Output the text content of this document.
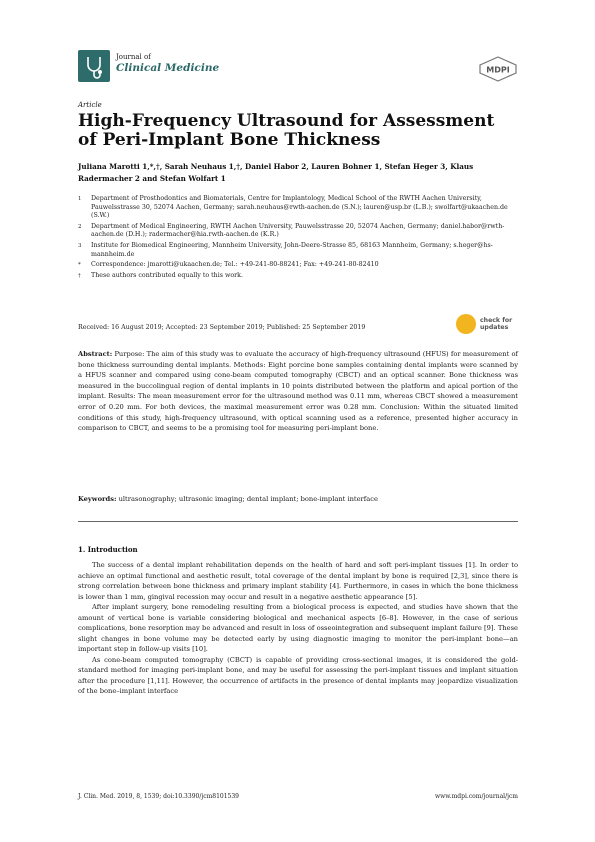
Journal of
Clinical Medicine	MDPI
Article
High-Frequency Ultrasound for Assessment of Peri-Implant Bone Thickness
Juliana Marotti 1,*,†, Sarah Neuhaus 1,†, Daniel Habor 2, Lauren Bohner 1, Stefan Heger 3, Klaus Radermacher 2 and Stefan Wolfart 1
1 Department of Prosthodontics and Biomaterials, Centre for Implantology, Medical School of the RWTH Aachen University, Pauwelsstrasse 30, 52074 Aachen, Germany; sarah.neuhaus@rwth-aachen.de (S.N.); lauren@usp.br (L.B.); swolfart@ukaachen.de (S.W.)
2 Department of Medical Engineering, RWTH Aachen University, Pauwelsstrasse 20, 52074 Aachen, Germany; daniel.habor@rwth-aachen.de (D.H.); radermacher@hia.rwth-aachen.de (K.R.)
3 Institute for Biomedical Engineering, Mannheim University, John-Deere-Strasse 85, 68163 Mannheim, Germany; s.heger@hs-mannheim.de
* Correspondence: jmarotti@ukaachen.de; Tel.: +49-241-80-88241; Fax: +49-241-80-82410
† These authors contributed equally to this work.
Received: 16 August 2019; Accepted: 23 September 2019; Published: 25 September 2019
check for
updates
Abstract: Purpose: The aim of this study was to evaluate the accuracy of high-frequency ultrasound (HFUS) for measurement of bone thickness surrounding dental implants. Methods: Eight porcine bone samples containing dental implants were scanned by a HFUS scanner and compared using cone-beam computed tomography (CBCT) and an optical scanner. Bone thickness was measured in the buccolingual region of dental implants in 10 points distributed between the platform and apical portion of the implant. Results: The mean measurement error for the ultrasound method was 0.11 mm, whereas CBCT showed a measurement error of 0.20 mm. For both devices, the maximal measurement error was 0.28 mm. Conclusion: Within the situated limited conditions of this study, high-frequency ultrasound, with optical scanning used as a reference, presented higher accuracy in comparison to CBCT, and seems to be a promising tool for measuring peri-implant bone.
Keywords: ultrasonography; ultrasonic imaging; dental implant; bone-implant interface
1. Introduction

The success of a dental implant rehabilitation depends on the health of hard and soft peri-implant tissues [1]. In order to achieve an optimal functional and aesthetic result, total coverage of the dental implant by bone is required [2,3], since there is strong correlation between bone thickness and primary implant stability [4]. Furthermore, in cases in which the bone thickness is lower than 1 mm, gingival recession may occur and result in a negative aesthetic appearance [5].

After implant surgery, bone remodeling resulting from a biological process is expected, and studies have shown that the amount of vertical bone is variable considering biological and mechanical aspects [6–8]. However, in the case of serious complications, bone resorption may be advanced and result in loss of osseointegration and subsequent implant failure [9]. These slight changes in bone volume may be detected early by using diagnostic imaging to monitor the peri-implant bone—an important step in follow-up visits [10].

As cone-beam computed tomography (CBCT) is capable of providing cross-sectional images, it is considered the gold-standard method for imaging peri-implant bone, and may be useful for assessing the peri-implant tissues and implant situation after the procedure [1,11]. However, the occurrence of artifacts in the presence of dental implants may jeopardize visualization of the bone–implant interface

J. Clin. Med. 2019, 8, 1539; doi:10.3390/jcm8101539	www.mdpi.com/journal/jcm
